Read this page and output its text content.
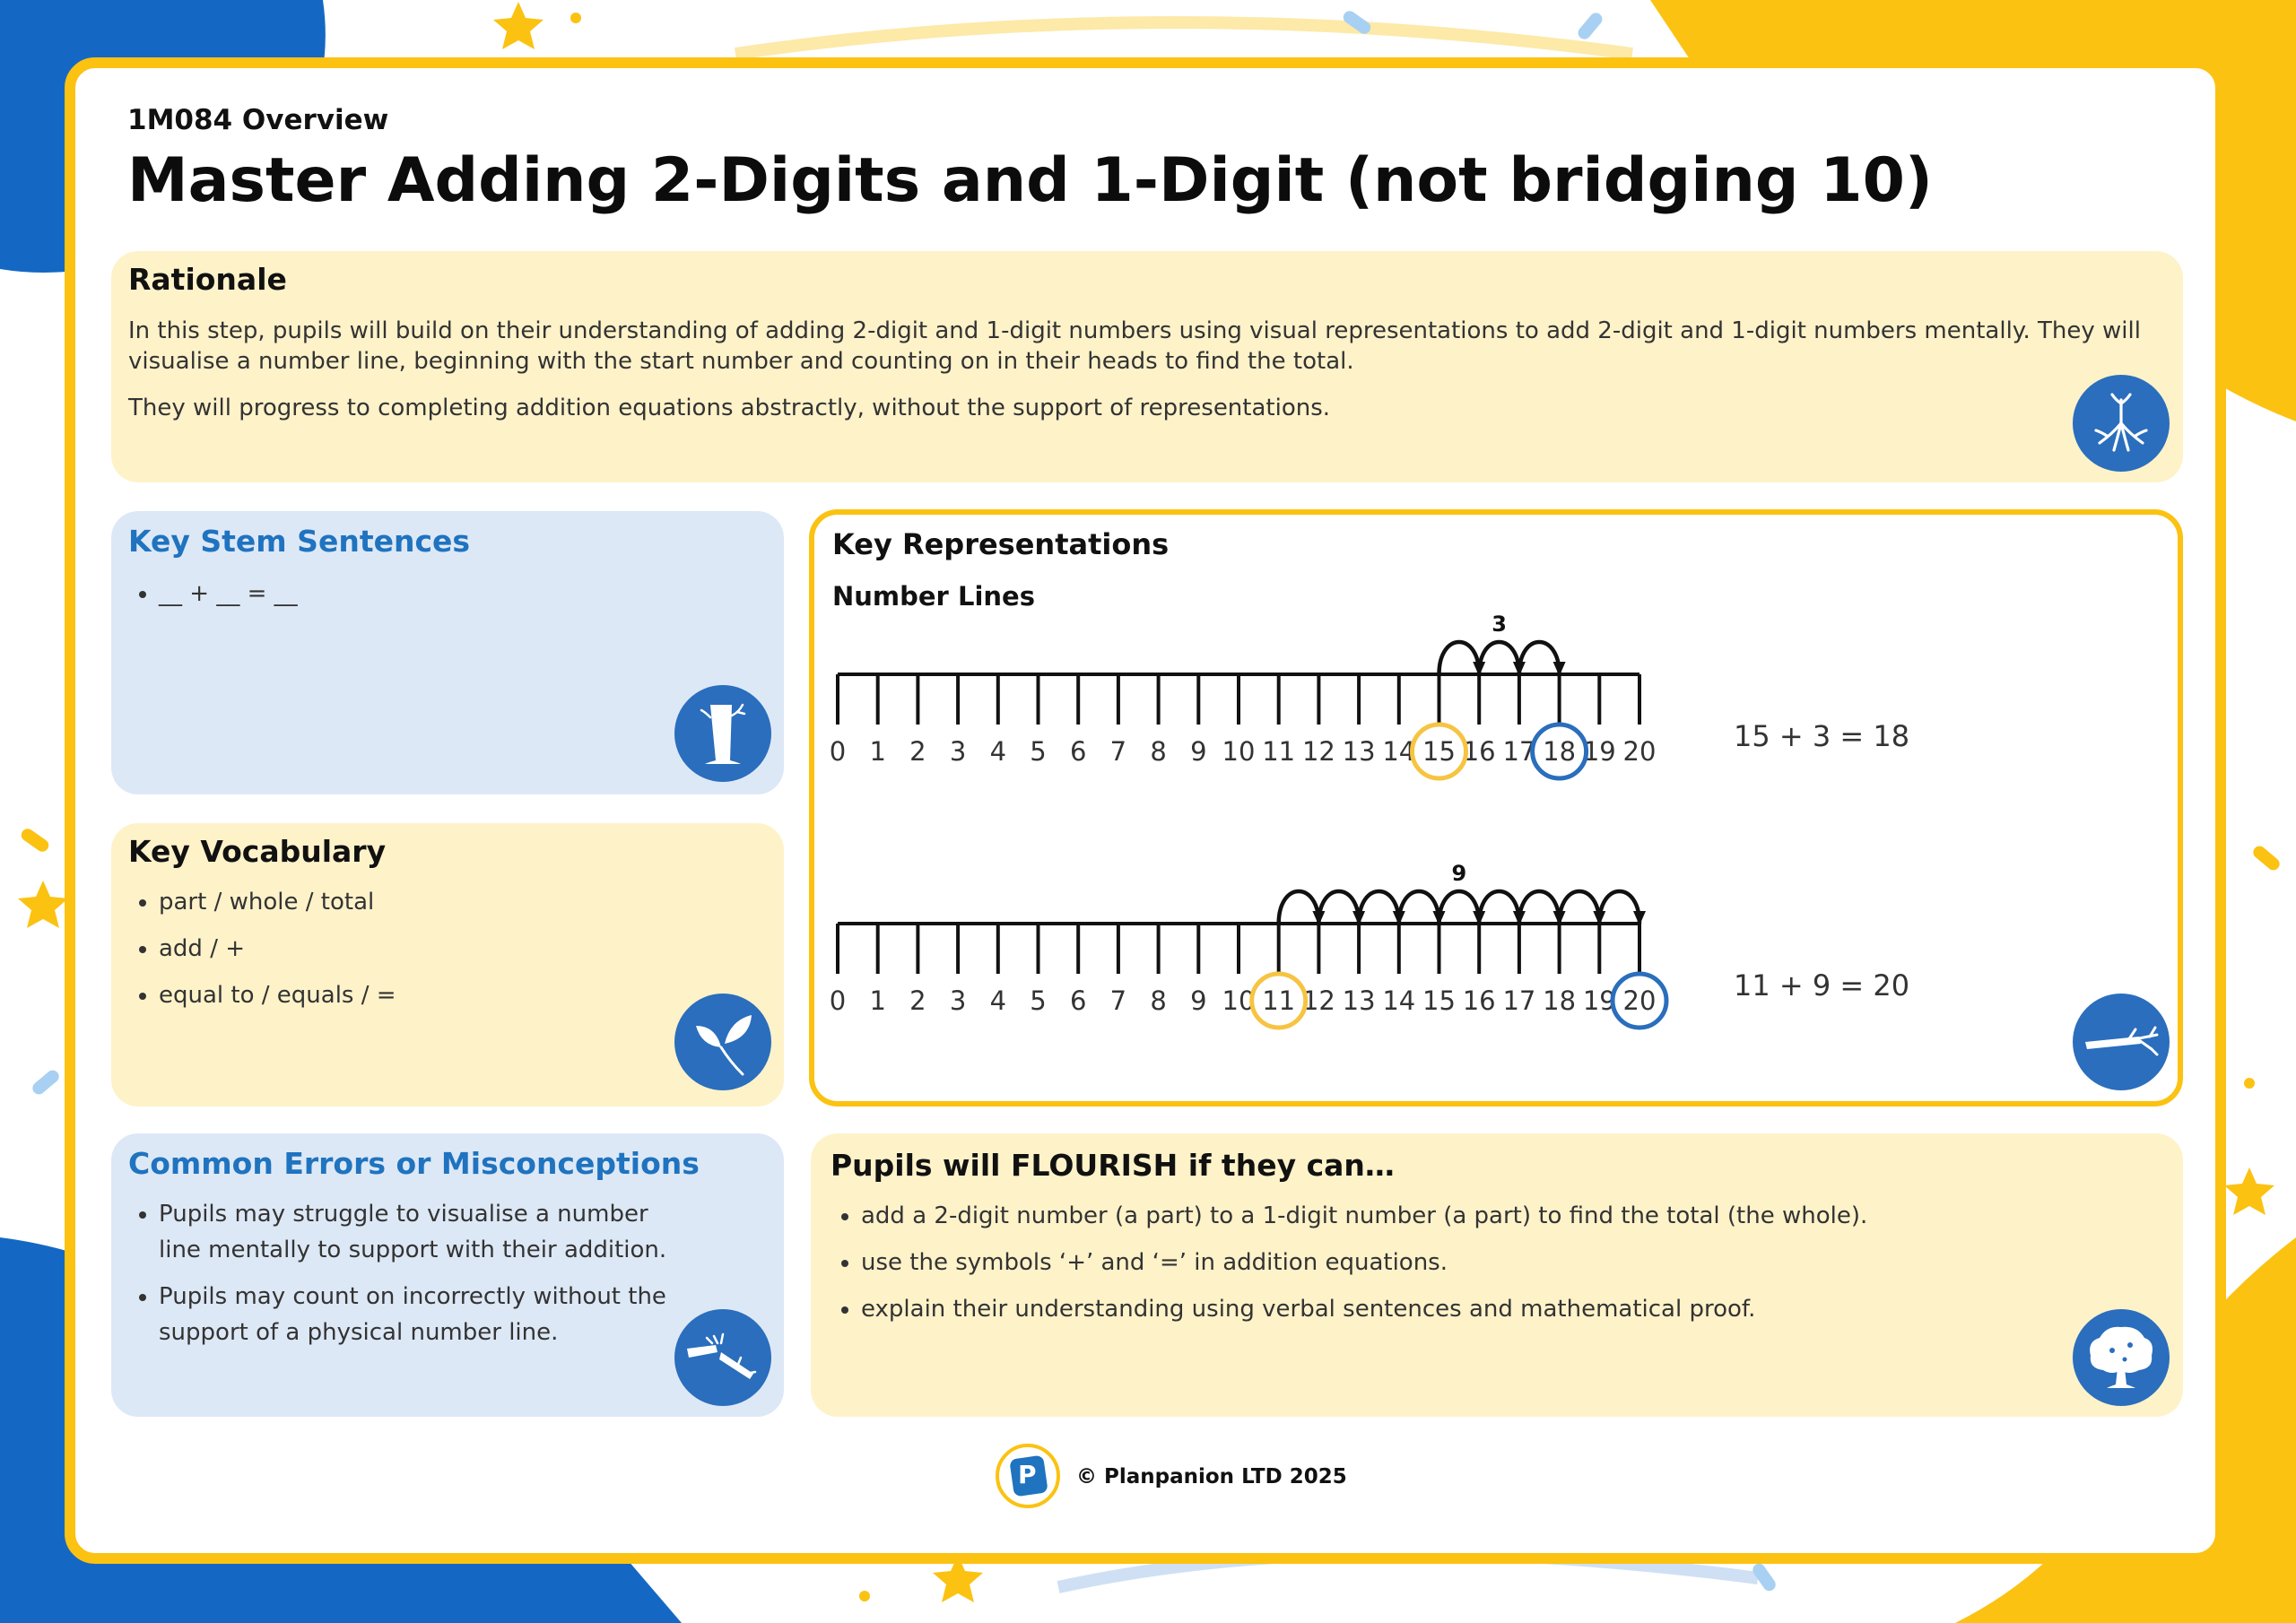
1M084 Overview
Master Adding 2-Digits and 1-Digit (not bridging 10)
Rationale
In this step, pupils will build on their understanding of adding 2-digit and 1-digit numbers using visual representations to add 2-digit and 1-digit numbers mentally. They will visualise a number line, beginning with the start number and counting on in their heads to find the total.
They will progress to completing addition equations abstractly, without the support of representations.
Key Stem Sentences
• __ + __ = __
Key Vocabulary
• part / whole / total
• add / +
• equal to / equals / =
Common Errors or Misconceptions
• Pupils may struggle to visualise a number line mentally to support with their addition.
• Pupils may count on incorrectly without the support of a physical number line.
Key Representations
Number Lines
0 1 2 3 4 5 6 7 8 9 10 11 12 13 14 15 16 17 18 19 20
3
0 1 2 3 4 5 6 7 8 9 10 11 12 13 14 15 16 17 18 19 20
9
15 + 3 = 18
11 + 9 = 20
Pupils will FLOURISH if they can…
• add a 2-digit number (a part) to a 1-digit number (a part) to find the total (the whole).
• use the symbols ‘+’ and ‘=’ in addition equations.
• explain their understanding using verbal sentences and mathematical proof.
P © Planpanion LTD 2025
